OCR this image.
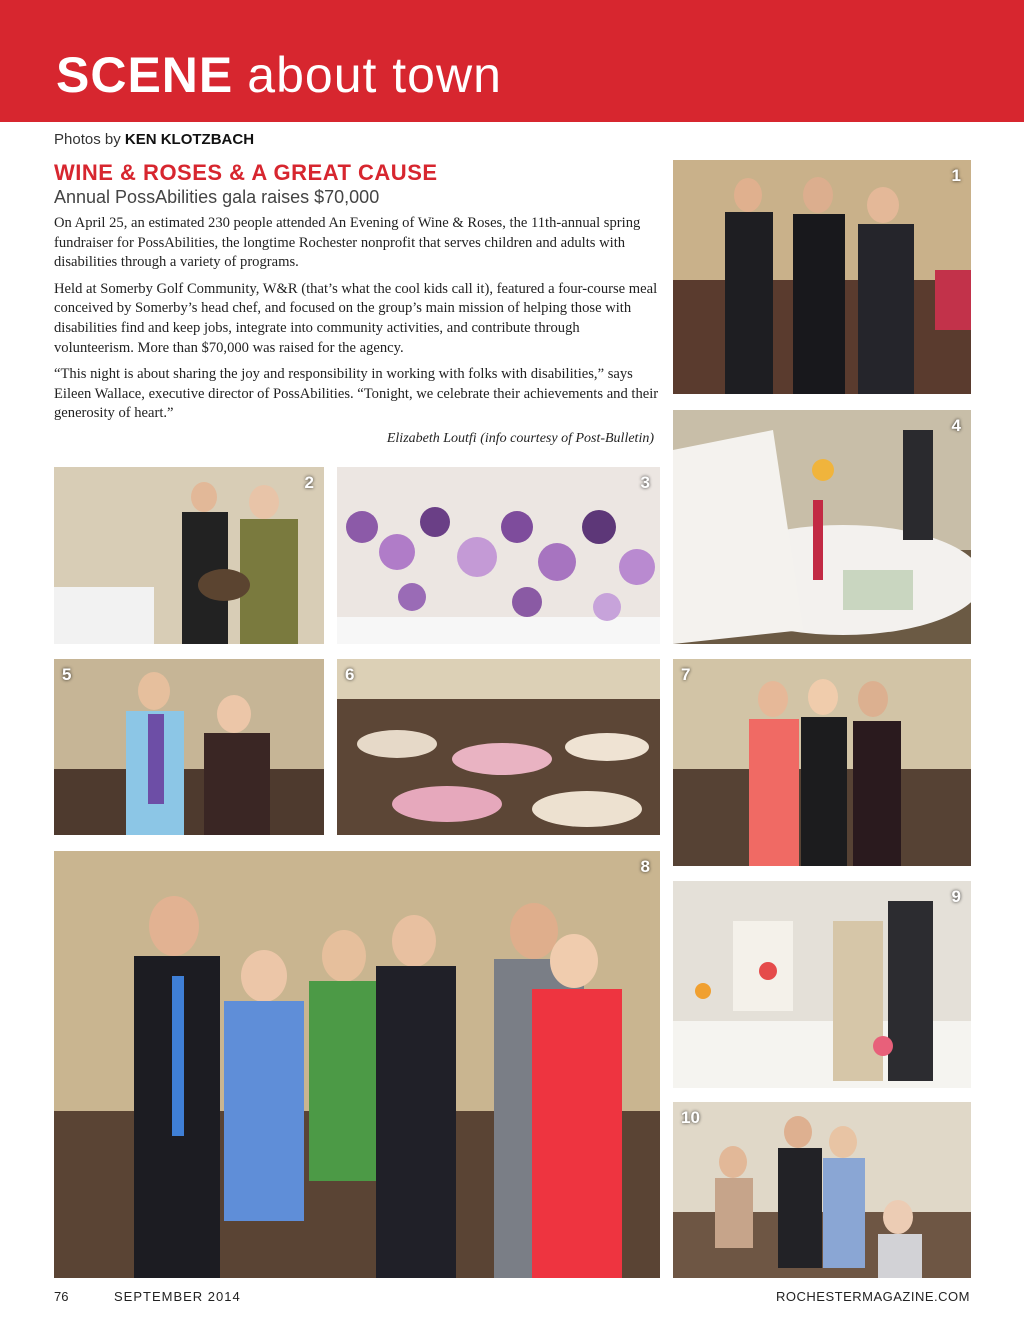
SCENE about town
Photos by KEN KLOTZBACH
WINE & ROSES & A GREAT CAUSE
Annual PossAbilities gala raises $70,000

On April 25, an estimated 230 people attended An Evening of Wine & Roses, the 11th-annual spring fundraiser for PossAbilities, the longtime Rochester nonprofit that serves children and adults with disabilities through a variety of programs.

Held at Somerby Golf Community, W&R (that’s what the cool kids call it), featured a four-course meal conceived by Somerby’s head chef, and focused on the group’s main mission of helping those with disabilities find and keep jobs, integrate into community activities, and contribute through volunteerism. More than $70,000 was raised for the agency.

“This night is about sharing the joy and responsibility in working with folks with disabilities,” says Eileen Wallace, executive director of PossAbilities. “Tonight, we celebrate their achievements and their generosity of heart.”

Elizabeth Loutfi (info courtesy of Post-Bulletin)
1
2	3
4
5	6	7
8
9
10
76	SEPTEMBER 2014	ROCHESTERMAGAZINE.COM
